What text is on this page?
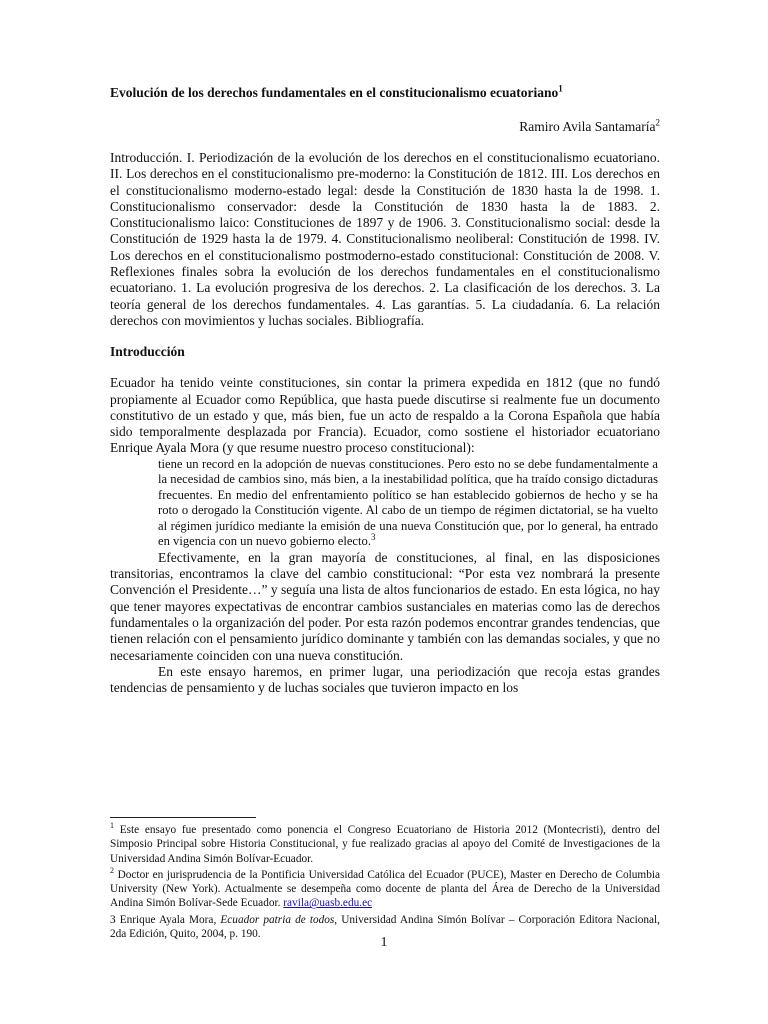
Evolución de los derechos fundamentales en el constitucionalismo ecuatoriano$^1$

Ramiro Avila Santamaría$^2$

Introducción. I. Periodización de la evolución de los derechos en el constitucionalismo ecuatoriano. II. Los derechos en el constitucionalismo pre-moderno: la Constitución de 1812. III. Los derechos en el constitucionalismo moderno-estado legal: desde la Constitución de 1830 hasta la de 1998. 1. Constitucionalismo conservador: desde la Constitución de 1830 hasta la de 1883. 2. Constitucionalismo laico: Constituciones de 1897 y de 1906. 3. Constitucionalismo social: desde la Constitución de 1929 hasta la de 1979. 4. Constitucionalismo neoliberal: Constitución de 1998. IV. Los derechos en el constitucionalismo postmoderno-estado constitucional: Constitución de 2008. V. Reflexiones finales sobra la evolución de los derechos fundamentales en el constitucionalismo ecuatoriano. 1. La evolución progresiva de los derechos. 2. La clasificación de los derechos. 3. La teoría general de los derechos fundamentales. 4. Las garantías. 5. La ciudadanía. 6. La relación derechos con movimientos y luchas sociales. Bibliografía.

Introducción

Ecuador ha tenido veinte constituciones, sin contar la primera expedida en 1812 (que no fundó propiamente al Ecuador como República, que hasta puede discutirse si realmente fue un documento constitutivo de un estado y que, más bien, fue un acto de respaldo a la Corona Española que había sido temporalmente desplazada por Francia). Ecuador, como sostiene el historiador ecuatoriano Enrique Ayala Mora (y que resume nuestro proceso constitucional):

tiene un record en la adopción de nuevas constituciones. Pero esto no se debe fundamentalmente a la necesidad de cambios sino, más bien, a la inestabilidad política, que ha traído consigo dictaduras frecuentes. En medio del enfrentamiento político se han establecido gobiernos de hecho y se ha roto o derogado la Constitución vigente. Al cabo de un tiempo de régimen dictatorial, se ha vuelto al régimen jurídico mediante la emisión de una nueva Constitución que, por lo general, ha entrado en vigencia con un nuevo gobierno electo.$^3$

Efectivamente, en la gran mayoría de constituciones, al final, en las disposiciones transitorias, encontramos la clave del cambio constitucional: “Por esta vez nombrará la presente Convención el Presidente…” y seguía una lista de altos funcionarios de estado. En esta lógica, no hay que tener mayores expectativas de encontrar cambios sustanciales en materias como las de derechos fundamentales o la organización del poder. Por esta razón podemos encontrar grandes tendencias, que tienen relación con el pensamiento jurídico dominante y también con las demandas sociales, y que no necesariamente coinciden con una nueva constitución.

En este ensayo haremos, en primer lugar, una periodización que recoja estas grandes tendencias de pensamiento y de luchas sociales que tuvieron impacto en los

$^1$ Este ensayo fue presentado como ponencia el Congreso Ecuatoriano de Historia 2012 (Montecristi), dentro del Simposio Principal sobre Historia Constitucional, y fue realizado gracias al apoyo del Comité de Investigaciones de la Universidad Andina Simón Bolívar-Ecuador.

$^2$ Doctor en jurisprudencia de la Pontificia Universidad Católica del Ecuador (PUCE), Master en Derecho de Columbia University (New York). Actualmente se desempeña como docente de planta del Área de Derecho de la Universidad Andina Simón Bolívar-Sede Ecuador. ravila@uasb.edu.ec

3 Enrique Ayala Mora, Ecuador patria de todos, Universidad Andina Simón Bolívar – Corporación Editora Nacional, 2da Edición, Quito, 2004, p. 190.

1
